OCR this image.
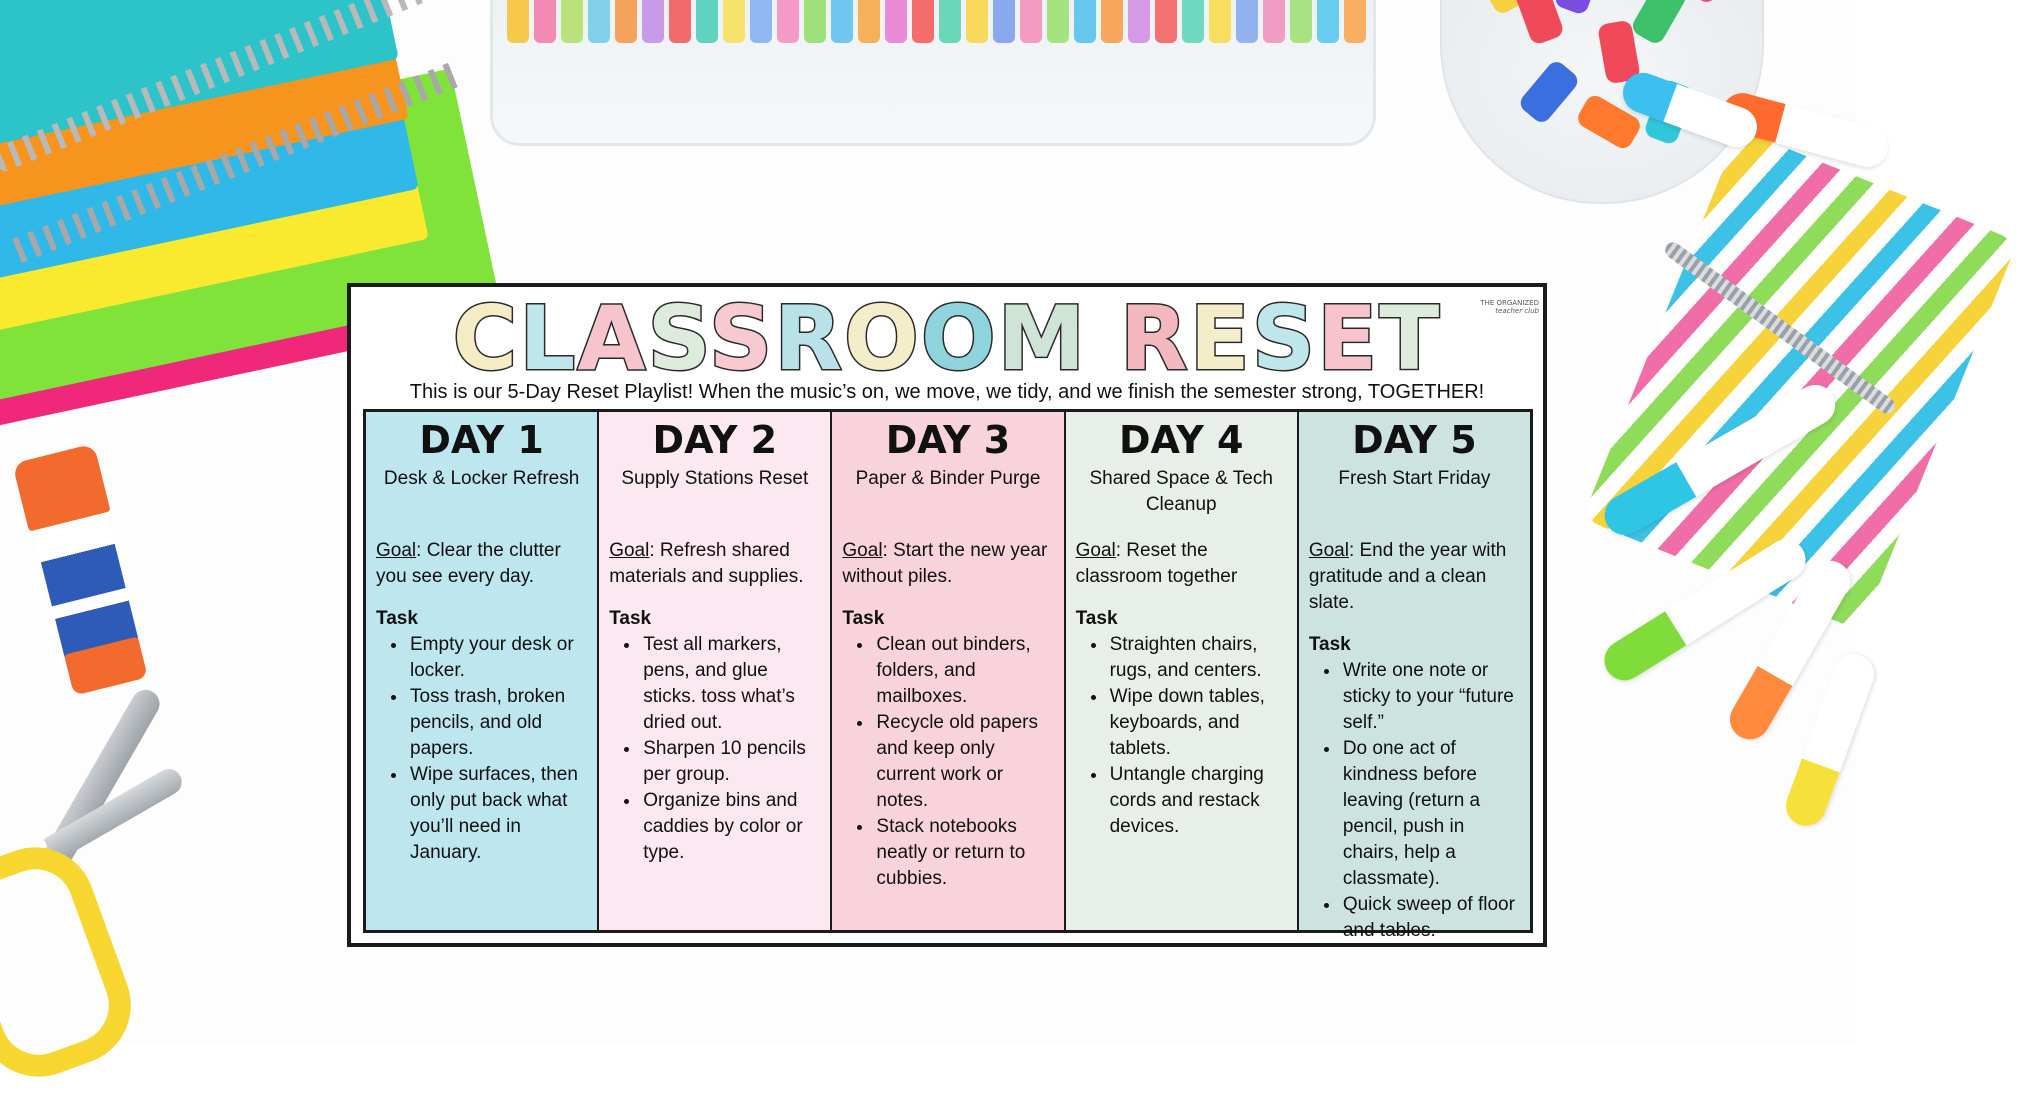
CLASSROOM RESET	THE ORGANIZED
teacher club
This is our 5-Day Reset Playlist! When the music’s on, we move, we tidy, and we finish the semester strong, TOGETHER!
DAY 1
Desk & Locker Refresh
Goal: Clear the clutter you see every day.
Task
• Empty your desk or locker.
• Toss trash, broken pencils, and old papers.
• Wipe surfaces, then only put back what you’ll need in January.
DAY 2
Supply Stations Reset
Goal: Refresh shared materials and supplies.
Task
• Test all markers, pens, and glue sticks. toss what’s dried out.
• Sharpen 10 pencils per group.
• Organize bins and caddies by color or type.
DAY 3
Paper & Binder Purge
Goal: Start the new year without piles.
Task
• Clean out binders, folders, and mailboxes.
• Recycle old papers and keep only current work or notes.
• Stack notebooks neatly or return to cubbies.
DAY 4
Shared Space & Tech Cleanup
Goal: Reset the classroom together
Task
• Straighten chairs, rugs, and centers.
• Wipe down tables, keyboards, and tablets.
• Untangle charging cords and restack devices.
DAY 5
Fresh Start Friday
Goal: End the year with gratitude and a clean slate.
Task
• Write one note or sticky to your “future self.”
• Do one act of kindness before leaving (return a pencil, push in chairs, help a classmate).
• Quick sweep of floor and tables.
